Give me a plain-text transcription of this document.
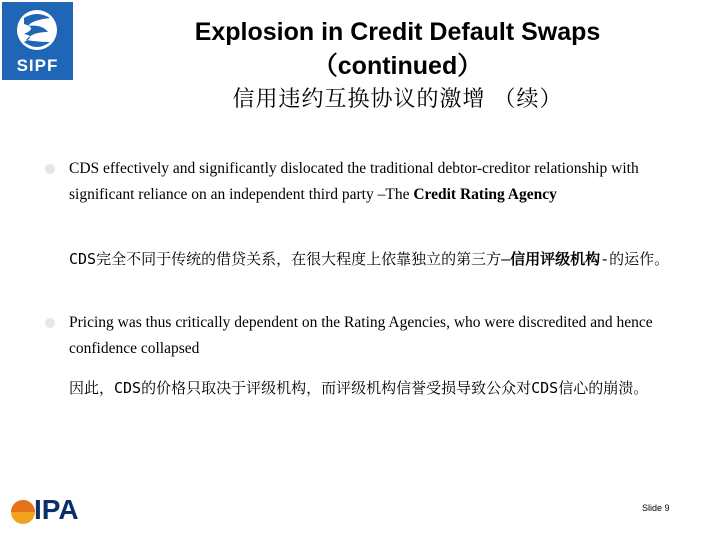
SIPF
Explosion in Credit Default Swaps
（continued）
信用违约互换协议的激增 （续）
CDS effectively and significantly dislocated the traditional debtor-creditor relationship with significant reliance on an independent third party –The Credit Rating Agency
CDS完全不同于传统的借贷关系，在很大程度上依靠独立的第三方—信用评级机构-的运作。
Pricing was thus critically dependent on the Rating Agencies, who were discredited and hence confidence collapsed
因此，CDS的价格只取决于评级机构，而评级机构信誉受损导致公众对CDS信心的崩溃。
IPA	Slide 9
